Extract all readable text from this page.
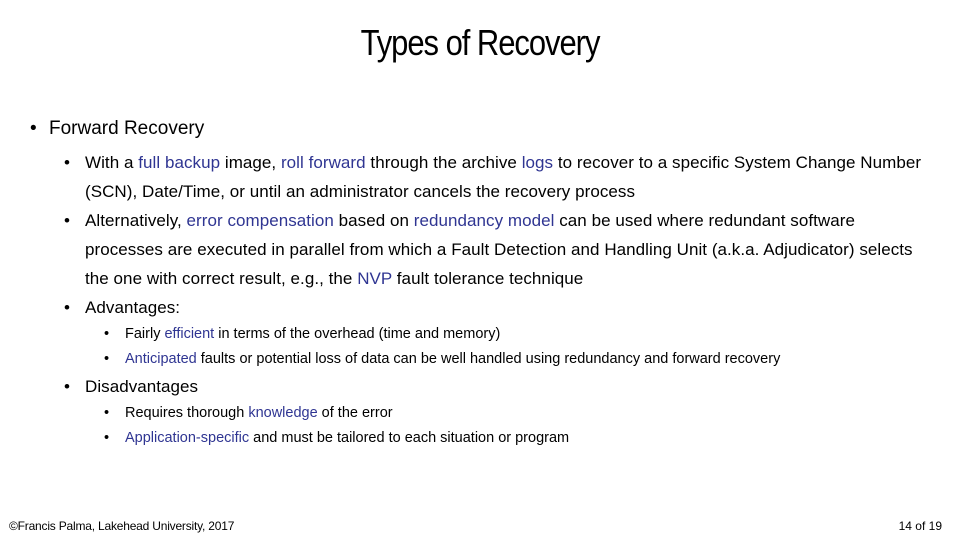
Types of Recovery
• Forward Recovery
• With a full backup image, roll forward through the archive logs to recover to a specific System Change Number (SCN), Date/Time, or until an administrator cancels the recovery process
• Alternatively, error compensation based on redundancy model can be used where redundant software processes are executed in parallel from which a Fault Detection and Handling Unit (a.k.a. Adjudicator) selects the one with correct result, e.g., the NVP fault tolerance technique
• Advantages:
• Fairly efficient in terms of the overhead (time and memory)
• Anticipated faults or potential loss of data can be well handled using redundancy and forward recovery
• Disadvantages
• Requires thorough knowledge of the error
• Application-specific and must be tailored to each situation or program
©Francis Palma, Lakehead University, 2017	14 of 19
